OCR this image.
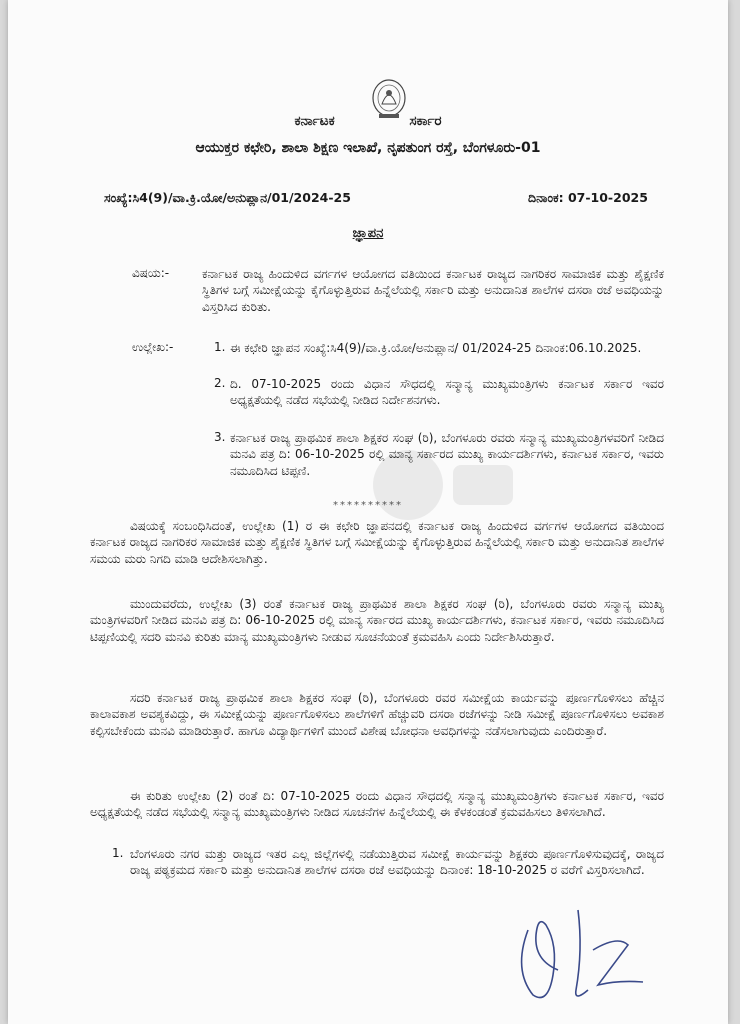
ಕರ್ನಾಟಕ	ಸರ್ಕಾರ
ಆಯುಕ್ತರ ಕಛೇರಿ, ಶಾಲಾ ಶಿಕ್ಷಣ ಇಲಾಖೆ, ನೃಪತುಂಗ ರಸ್ತೆ, ಬೆಂಗಳೂರು-01
ಸಂಖ್ಯೆ:ಸಿ4(9)/ವಾ.ಕ್ರಿ.ಯೋ/ಅನುಪ್ಲಾನ/01/2024-25	ದಿನಾಂಕ: 07-10-2025
ಜ್ಞಾಪನ
ವಿಷಯ:-	ಕರ್ನಾಟಕ ರಾಜ್ಯ ಹಿಂದುಳಿದ ವರ್ಗಗಳ ಆಯೋಗದ ವತಿಯಿಂದ ಕರ್ನಾಟಕ ರಾಜ್ಯದ ನಾಗರಿಕರ ಸಾಮಾಜಿಕ ಮತ್ತು ಶೈಕ್ಷಣಿಕ ಸ್ಥಿತಿಗಳ ಬಗ್ಗೆ ಸಮೀಕ್ಷೆಯನ್ನು ಕೈಗೊಳ್ಳುತ್ತಿರುವ ಹಿನ್ನೆಲೆಯಲ್ಲಿ ಸರ್ಕಾರಿ ಮತ್ತು ಅನುದಾನಿತ ಶಾಲೆಗಳ ದಸರಾ ರಜೆ ಅವಧಿಯನ್ನು ವಿಸ್ತರಿಸಿದ ಕುರಿತು.
ಉಲ್ಲೇಖ:-	1. ಈ ಕಛೇರಿ ಜ್ಞಾಪನ ಸಂಖ್ಯೆ:ಸಿ4(9)/ವಾ.ಕ್ರಿ.ಯೋ/ಅನುಪ್ಲಾನ/ 01/2024-25 ದಿನಾಂಕ:06.10.2025.
2. ದಿ. 07-10-2025 ರಂದು ವಿಧಾನ ಸೌಧದಲ್ಲಿ ಸನ್ಮಾನ್ಯ ಮುಖ್ಯಮಂತ್ರಿಗಳು ಕರ್ನಾಟಕ ಸರ್ಕಾರ ಇವರ ಅಧ್ಯಕ್ಷತೆಯಲ್ಲಿ ನಡೆದ ಸಭೆಯಲ್ಲಿ ನೀಡಿದ ನಿರ್ದೇಶನಗಳು.
3. ಕರ್ನಾಟಕ ರಾಜ್ಯ ಪ್ರಾಥಮಿಕ ಶಾಲಾ ಶಿಕ್ಷಕರ ಸಂಘ (ರಿ), ಬೆಂಗಳೂರು ರವರು ಸನ್ಮಾನ್ಯ ಮುಖ್ಯಮಂತ್ರಿಗಳವರಿಗೆ ನೀಡಿದ ಮನವಿ ಪತ್ರ ದಿ: 06-10-2025 ರಲ್ಲಿ ಮಾನ್ಯ ಸರ್ಕಾರದ ಮುಖ್ಯ ಕಾರ್ಯದರ್ಶಿಗಳು, ಕರ್ನಾಟಕ ಸರ್ಕಾರ, ಇವರು ನಮೂದಿಸಿದ ಟಿಪ್ಪಣಿ.
**********
ವಿಷಯಕ್ಕೆ ಸಂಬಂಧಿಸಿದಂತೆ, ಉಲ್ಲೇಖ (1) ರ ಈ ಕಛೇರಿ ಜ್ಞಾಪನದಲ್ಲಿ ಕರ್ನಾಟಕ ರಾಜ್ಯ ಹಿಂದುಳಿದ ವರ್ಗಗಳ ಆಯೋಗದ ವತಿಯಿಂದ ಕರ್ನಾಟಕ ರಾಜ್ಯದ ನಾಗರಿಕರ ಸಾಮಾಜಿಕ ಮತ್ತು ಶೈಕ್ಷಣಿಕ ಸ್ಥಿತಿಗಳ ಬಗ್ಗೆ ಸಮೀಕ್ಷೆಯನ್ನು ಕೈಗೊಳ್ಳುತ್ತಿರುವ ಹಿನ್ನೆಲೆಯಲ್ಲಿ ಸರ್ಕಾರಿ ಮತ್ತು ಅನುದಾನಿತ ಶಾಲೆಗಳ ಸಮಯ ಮರು ನಿಗದಿ ಮಾಡಿ ಆದೇಶಿಸಲಾಗಿತ್ತು.
ಮುಂದುವರೆದು, ಉಲ್ಲೇಖ (3) ರಂತೆ ಕರ್ನಾಟಕ ರಾಜ್ಯ ಪ್ರಾಥಮಿಕ ಶಾಲಾ ಶಿಕ್ಷಕರ ಸಂಘ (ರಿ), ಬೆಂಗಳೂರು ರವರು ಸನ್ಮಾನ್ಯ ಮುಖ್ಯ ಮಂತ್ರಿಗಳವರಿಗೆ ನೀಡಿದ ಮನವಿ ಪತ್ರ ದಿ: 06-10-2025 ರಲ್ಲಿ ಮಾನ್ಯ ಸರ್ಕಾರದ ಮುಖ್ಯ ಕಾರ್ಯದರ್ಶಿಗಳು, ಕರ್ನಾಟಕ ಸರ್ಕಾರ, ಇವರು ನಮೂದಿಸಿದ ಟಿಪ್ಪಣಿಯಲ್ಲಿ ಸದರಿ ಮನವಿ ಕುರಿತು ಮಾನ್ಯ ಮುಖ್ಯಮಂತ್ರಿಗಳು ನೀಡುವ ಸೂಚನೆಯಂತೆ ಕ್ರಮವಹಿಸಿ ಎಂದು ನಿರ್ದೇಶಿಸಿರುತ್ತಾರೆ.
ಸದರಿ ಕರ್ನಾಟಕ ರಾಜ್ಯ ಪ್ರಾಥಮಿಕ ಶಾಲಾ ಶಿಕ್ಷಕರ ಸಂಘ (ರಿ), ಬೆಂಗಳೂರು ರವರ ಸಮೀಕ್ಷೆಯ ಕಾರ್ಯವನ್ನು ಪೂರ್ಣಗೊಳಿಸಲು ಹೆಚ್ಚಿನ ಕಾಲಾವಕಾಶ ಅವಶ್ಯಕವಿದ್ದು, ಈ ಸಮೀಕ್ಷೆಯನ್ನು ಪೂರ್ಣಗೊಳಿಸಲು ಶಾಲೆಗಳಿಗೆ ಹೆಚ್ಚುವರಿ ದಸರಾ ರಜೆಗಳನ್ನು ನೀಡಿ ಸಮೀಕ್ಷೆ ಪೂರ್ಣಗೊಳಿಸಲು ಅವಕಾಶ ಕಲ್ಪಿಸಬೇಕೆಂದು ಮನವಿ ಮಾಡಿರುತ್ತಾರೆ. ಹಾಗೂ ವಿದ್ಯಾರ್ಥಿಗಳಿಗೆ ಮುಂದೆ ವಿಶೇಷ ಬೋಧನಾ ಅವಧಿಗಳನ್ನು ನಡೆಸಲಾಗುವುದು ಎಂದಿರುತ್ತಾರೆ.
ಈ ಕುರಿತು ಉಲ್ಲೇಖ (2) ರಂತೆ ದಿ: 07-10-2025 ರಂದು ವಿಧಾನ ಸೌಧದಲ್ಲಿ ಸನ್ಮಾನ್ಯ ಮುಖ್ಯಮಂತ್ರಿಗಳು ಕರ್ನಾಟಕ ಸರ್ಕಾರ, ಇವರ ಅಧ್ಯಕ್ಷತೆಯಲ್ಲಿ ನಡೆದ ಸಭೆಯಲ್ಲಿ ಸನ್ಮಾನ್ಯ ಮುಖ್ಯಮಂತ್ರಿಗಳು ನೀಡಿದ ಸೂಚನೆಗಳ ಹಿನ್ನೆಲೆಯಲ್ಲಿ ಈ ಕೆಳಕಂಡಂತೆ ಕ್ರಮವಹಿಸಲು ತಿಳಿಸಲಾಗಿದೆ.
1. ಬೆಂಗಳೂರು ನಗರ ಮತ್ತು ರಾಜ್ಯದ ಇತರ ಎಲ್ಲ ಜಿಲ್ಲೆಗಳಲ್ಲಿ ನಡೆಯುತ್ತಿರುವ ಸಮೀಕ್ಷೆ ಕಾರ್ಯವನ್ನು ಶಿಕ್ಷಕರು ಪೂರ್ಣಗೊಳಿಸುವುದಕ್ಕೆ, ರಾಜ್ಯದ ರಾಜ್ಯ ಪಠ್ಯಕ್ರಮದ ಸರ್ಕಾರಿ ಮತ್ತು ಅನುದಾನಿತ ಶಾಲೆಗಳ ದಸರಾ ರಜೆ ಅವಧಿಯನ್ನು ದಿನಾಂಕ: 18-10-2025 ರ ವರೆಗೆ ವಿಸ್ತರಿಸಲಾಗಿದೆ.
